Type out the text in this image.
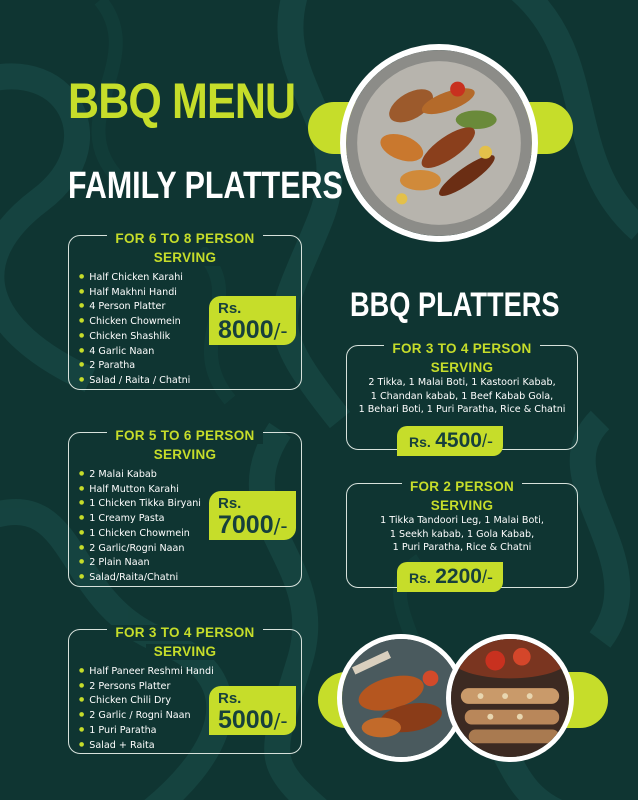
BBQ MENU
FAMILY PLATTERS
BBQ PLATTERS
FOR 6 TO 8 PERSON
SERVING
● Half Chicken Karahi
● Half Makhni Handi
● 4 Person Platter
● Chicken Chowmein
● Chicken Shashlik
● 4 Garlic Naan
● 2 Paratha
● Salad / Raita / Chatni
Rs.
8000/-
FOR 5 TO 6 PERSON
SERVING
● 2 Malai Kabab
● Half Mutton Karahi
● 1 Chicken Tikka Biryani
● 1 Creamy Pasta
● 1 Chicken Chowmein
● 2 Garlic/Rogni Naan
● 2 Plain Naan
● Salad/Raita/Chatni
Rs.
7000/-
FOR 3 TO 4 PERSON
SERVING
● Half Paneer Reshmi Handi
● 2 Persons Platter
● Chicken Chili Dry
● 2 Garlic / Rogni Naan
● 1 Puri Paratha
● Salad + Raita
Rs.
5000/-
FOR 3 TO 4 PERSON
SERVING
2 Tikka, 1 Malai Boti, 1 Kastoori Kabab,
1 Chandan kabab, 1 Beef Kabab Gola,
1 Behari Boti, 1 Puri Paratha, Rice & Chatni
Rs. 4500/-
FOR 2 PERSON
SERVING
1 Tikka Tandoori Leg, 1 Malai Boti,
1 Seekh kabab, 1 Gola Kabab,
1 Puri Paratha, Rice & Chatni
Rs. 2200/-
